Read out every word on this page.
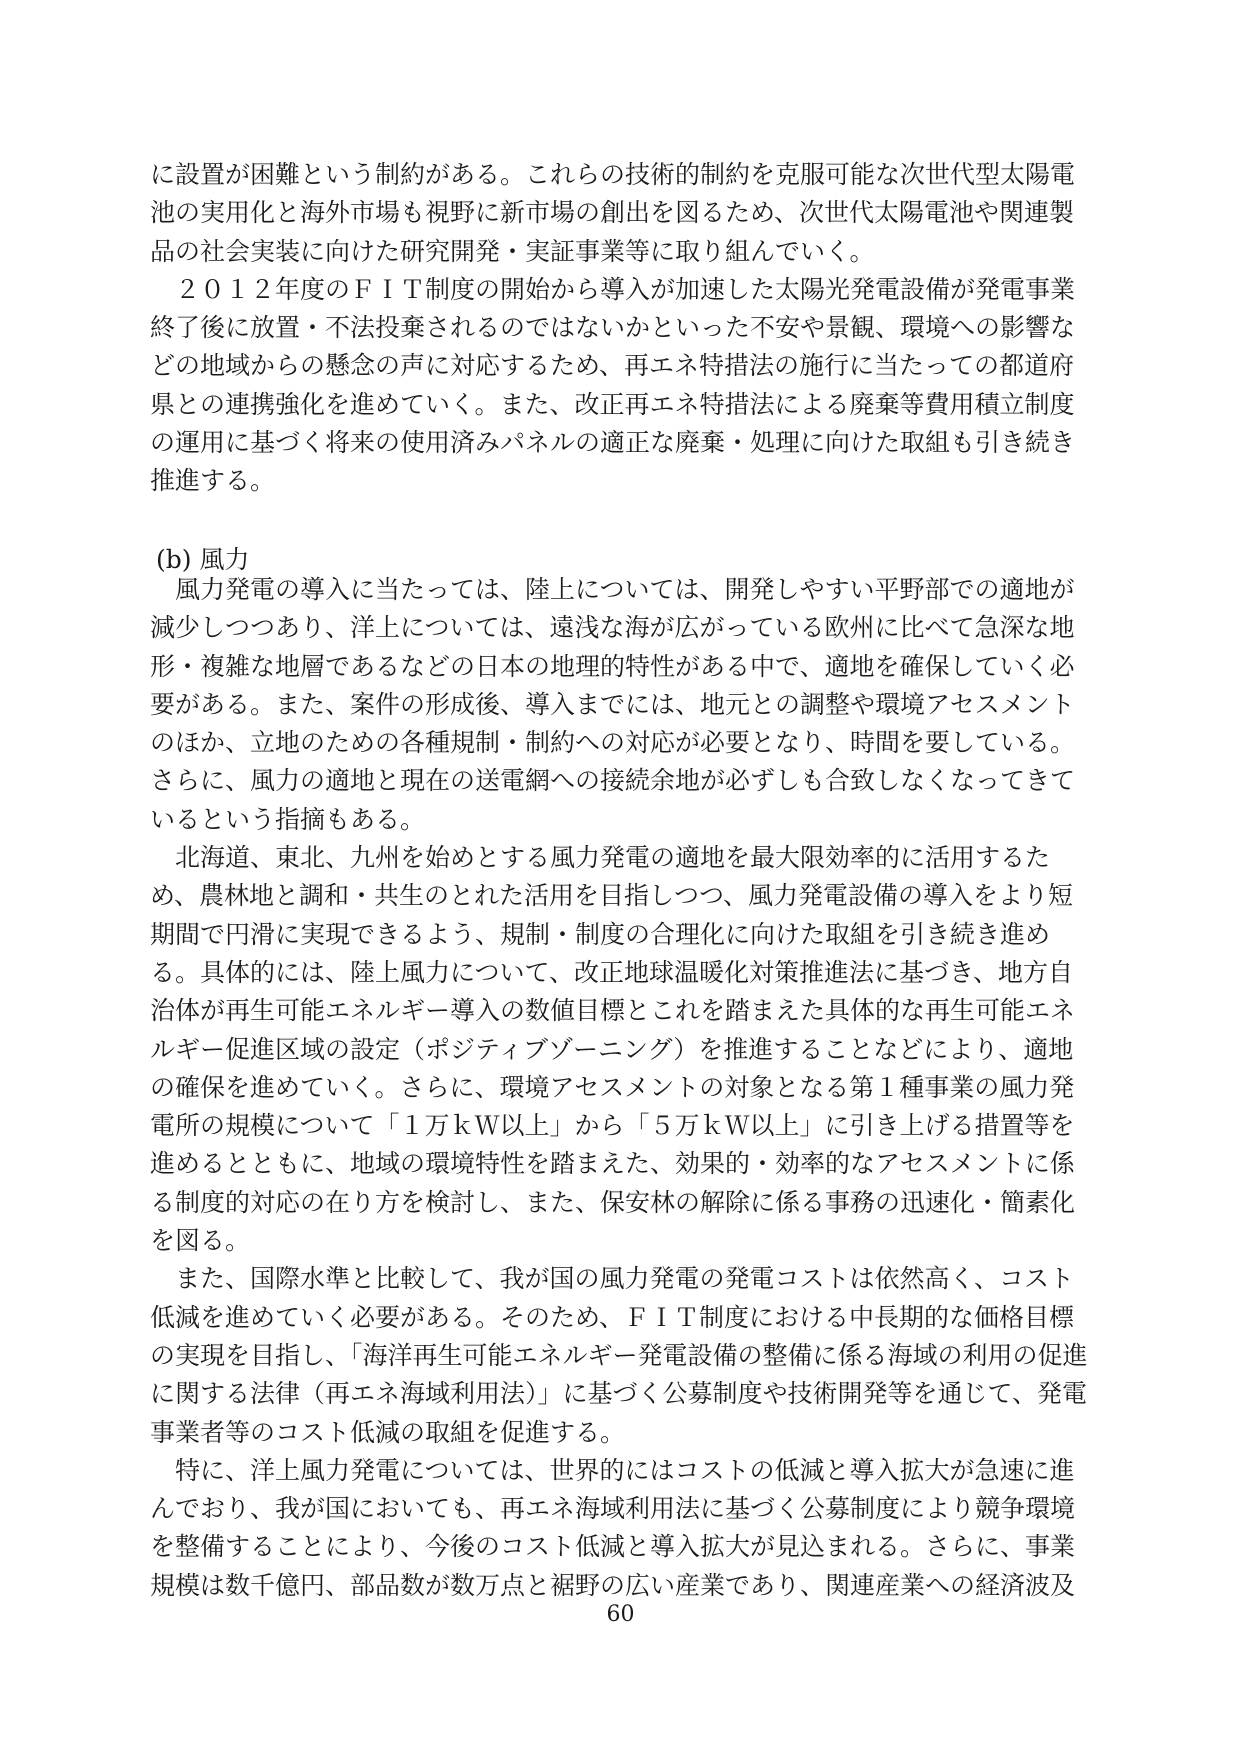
に設置が困難という制約がある。これらの技術的制約を克服可能な次世代型太陽電
池の実用化と海外市場も視野に新市場の創出を図るため、次世代太陽電池や関連製
品の社会実装に向けた研究開発・実証事業等に取り組んでいく。
　２０１２年度のＦＩＴ制度の開始から導入が加速した太陽光発電設備が発電事業
終了後に放置・不法投棄されるのではないかといった不安や景観、環境への影響な
どの地域からの懸念の声に対応するため、再エネ特措法の施行に当たっての都道府
県との連携強化を進めていく。また、改正再エネ特措法による廃棄等費用積立制度
の運用に基づく将来の使用済みパネルの適正な廃棄・処理に向けた取組も引き続き
推進する。
(b) 風力
　風力発電の導入に当たっては、陸上については、開発しやすい平野部での適地が
減少しつつあり、洋上については、遠浅な海が広がっている欧州に比べて急深な地
形・複雑な地層であるなどの日本の地理的特性がある中で、適地を確保していく必
要がある。また、案件の形成後、導入までには、地元との調整や環境アセスメント
のほか、立地のための各種規制・制約への対応が必要となり、時間を要している。
さらに、風力の適地と現在の送電網への接続余地が必ずしも合致しなくなってきて
いるという指摘もある。
　北海道、東北、九州を始めとする風力発電の適地を最大限効率的に活用するた
め、農林地と調和・共生のとれた活用を目指しつつ、風力発電設備の導入をより短
期間で円滑に実現できるよう、規制・制度の合理化に向けた取組を引き続き進め
る。具体的には、陸上風力について、改正地球温暖化対策推進法に基づき、地方自
治体が再生可能エネルギー導入の数値目標とこれを踏まえた具体的な再生可能エネ
ルギー促進区域の設定（ポジティブゾーニング）を推進することなどにより、適地
の確保を進めていく。さらに、環境アセスメントの対象となる第１種事業の風力発
電所の規模について「１万ｋＷ以上」から「５万ｋＷ以上」に引き上げる措置等を
進めるとともに、地域の環境特性を踏まえた、効果的・効率的なアセスメントに係
る制度的対応の在り方を検討し、また、保安林の解除に係る事務の迅速化・簡素化
を図る。
　また、国際水準と比較して、我が国の風力発電の発電コストは依然高く、コスト
低減を進めていく必要がある。そのため、ＦＩＴ制度における中長期的な価格目標
の実現を目指し、「海洋再生可能エネルギー発電設備の整備に係る海域の利用の促進
に関する法律（再エネ海域利用法）」に基づく公募制度や技術開発等を通じて、発電
事業者等のコスト低減の取組を促進する。
　特に、洋上風力発電については、世界的にはコストの低減と導入拡大が急速に進
んでおり、我が国においても、再エネ海域利用法に基づく公募制度により競争環境
を整備することにより、今後のコスト低減と導入拡大が見込まれる。さらに、事業
規模は数千億円、部品数が数万点と裾野の広い産業であり、関連産業への経済波及
60
